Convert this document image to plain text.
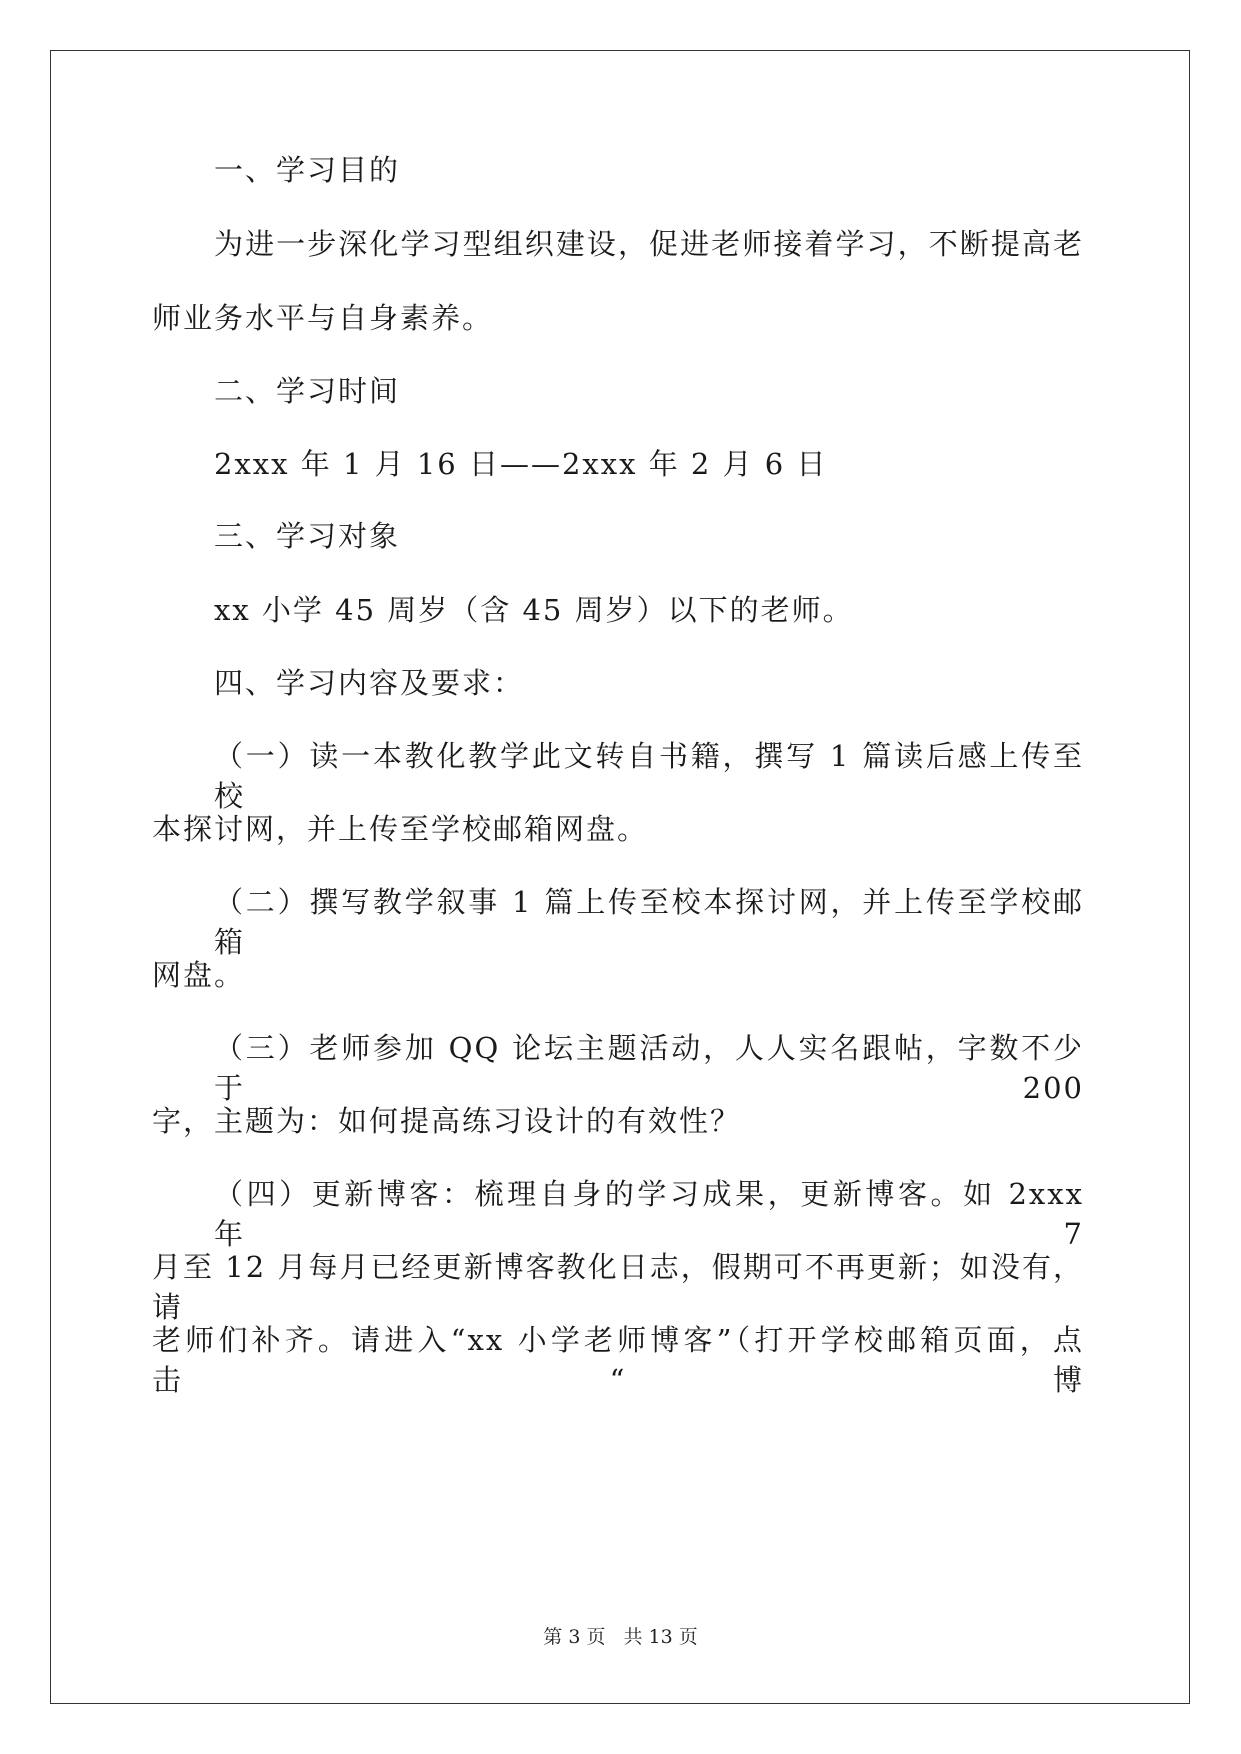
一、学习目的
为进一步深化学习型组织建设，促进老师接着学习，不断提高老
师业务水平与自身素养。
二、学习时间
2xxx 年 1 月 16 日——2xxx 年 2 月 6 日
三、学习对象
xx 小学 45 周岁（含 45 周岁）以下的老师。
四、学习内容及要求：
（一）读一本教化教学此文转自书籍，撰写 1 篇读后感上传至校
本探讨网，并上传至学校邮箱网盘。
（二）撰写教学叙事 1 篇上传至校本探讨网，并上传至学校邮箱
网盘。
（三）老师参加 QQ 论坛主题活动，人人实名跟帖，字数不少于 200
字，主题为：如何提高练习设计的有效性？
（四）更新博客：梳理自身的学习成果，更新博客。如 2xxx 年 7
月至 12 月每月已经更新博客教化日志，假期可不再更新；如没有，请
老师们补齐。请进入“xx 小学老师博客”（打开学校邮箱页面，点击“博
第 3 页 共 13 页
